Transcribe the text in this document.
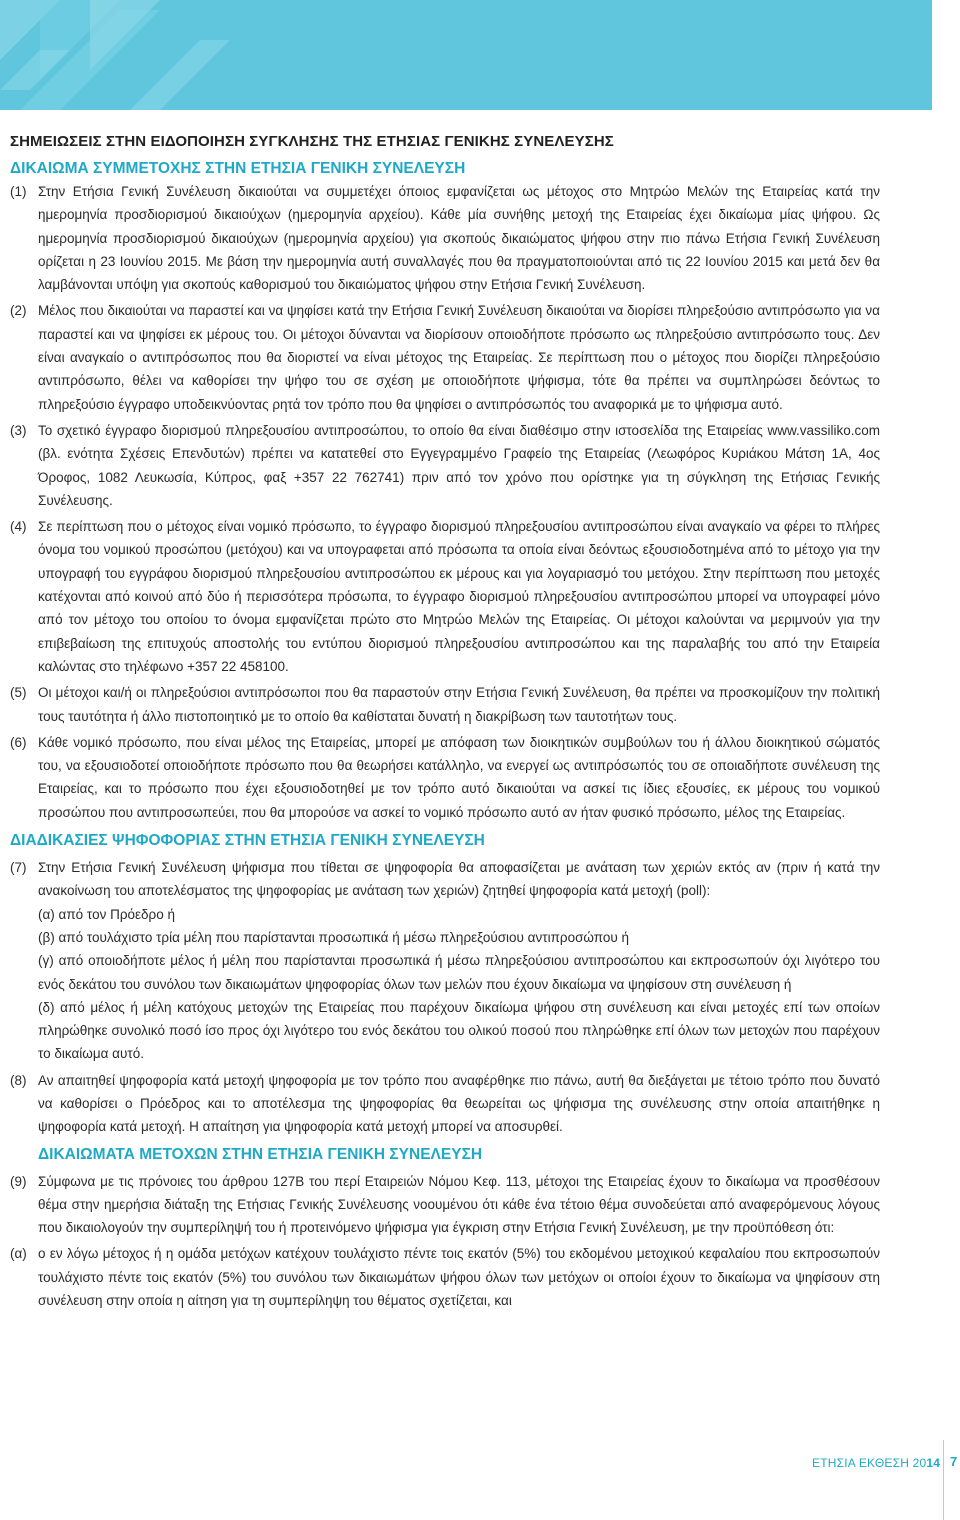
ΣΗΜΕΙΩΣΕΙΣ ΣΤΗΝ ΕΙΔΟΠΟΙΗΣΗ ΣΥΓΚΛΗΣΗΣ ΤΗΣ ΕΤΗΣΙΑΣ ΓΕΝΙΚΗΣ ΣΥΝΕΛΕΥΣΗΣ
ΔΙΚΑΙΩΜΑ ΣΥΜΜΕΤΟΧΗΣ ΣΤΗΝ ΕΤΗΣΙΑ ΓΕΝΙΚΗ ΣΥΝΕΛΕΥΣΗ
(1) Στην Ετήσια Γενική Συνέλευση δικαιούται να συμμετέχει όποιος εμφανίζεται ως μέτοχος στο Μητρώο Μελών της Εταιρείας κατά την ημερομηνία προσδιορισμού δικαιούχων (ημερομηνία αρχείου). Κάθε μία συνήθης μετοχή της Εταιρείας έχει δικαίωμα μίας ψήφου. Ως ημερομηνία προσδιορισμού δικαιούχων (ημερομηνία αρχείου) για σκοπούς δικαιώματος ψήφου στην πιο πάνω Ετήσια Γενική Συνέλευση ορίζεται η 23 Ιουνίου 2015. Με βάση την ημερομηνία αυτή συναλλαγές που θα πραγματοποιούνται από τις 22 Ιουνίου 2015 και μετά δεν θα λαμβάνονται υπόψη για σκοπούς καθορισμού του δικαιώματος ψήφου στην Ετήσια Γενική Συνέλευση.
(2) Μέλος που δικαιούται να παραστεί και να ψηφίσει κατά την Ετήσια Γενική Συνέλευση δικαιούται να διορίσει πληρεξούσιο αντιπρόσωπο για να παραστεί και να ψηφίσει εκ μέρους του. Οι μέτοχοι δύνανται να διορίσουν οποιοδήποτε πρόσωπο ως πληρεξούσιο αντιπρόσωπο τους. Δεν είναι αναγκαίο ο αντιπρόσωπος που θα διοριστεί να είναι μέτοχος της Εταιρείας. Σε περίπτωση που ο μέτοχος που διορίζει πληρεξούσιο αντιπρόσωπο, θέλει να καθορίσει την ψήφο του σε σχέση με οποιοδήποτε ψήφισμα, τότε θα πρέπει να συμπληρώσει δεόντως το πληρεξούσιο έγγραφο υποδεικνύοντας ρητά τον τρόπο που θα ψηφίσει ο αντιπρόσωπός του αναφορικά με το ψήφισμα αυτό.
(3) Το σχετικό έγγραφο διορισμού πληρεξουσίου αντιπροσώπου, το οποίο θα είναι διαθέσιμο στην ιστοσελίδα της Εταιρείας www.vassiliko.com (βλ. ενότητα Σχέσεις Επενδυτών) πρέπει να κατατεθεί στο Εγγεγραμμένο Γραφείο της Εταιρείας (Λεωφόρος Κυριάκου Μάτση 1Α, 4ος Όροφος, 1082 Λευκωσία, Κύπρος, φαξ +357 22 762741) πριν από τον χρόνο που ορίστηκε για τη σύγκληση της Ετήσιας Γενικής Συνέλευσης.
(4) Σε περίπτωση που ο μέτοχος είναι νομικό πρόσωπο, το έγγραφο διορισμού πληρεξουσίου αντιπροσώπου είναι αναγκαίο να φέρει το πλήρες όνομα του νομικού προσώπου (μετόχου) και να υπογραφεται από πρόσωπα τα οποία είναι δεόντως εξουσιοδοτημένα από το μέτοχο για την υπογραφή του εγγράφου διορισμού πληρεξουσίου αντιπροσώπου εκ μέρους και για λογαριασμό του μετόχου. Στην περίπτωση που μετοχές κατέχονται από κοινού από δύο ή περισσότερα πρόσωπα, το έγγραφο διορισμού πληρεξουσίου αντιπροσώπου μπορεί να υπογραφεί μόνο από τον μέτοχο του οποίου το όνομα εμφανίζεται πρώτο στο Μητρώο Μελών της Εταιρείας. Οι μέτοχοι καλούνται να μεριμνούν για την επιβεβαίωση της επιτυχούς αποστολής του εντύπου διορισμού πληρεξουσίου αντιπροσώπου και της παραλαβής του από την Εταιρεία καλώντας στο τηλέφωνο +357 22 458100.
(5) Οι μέτοχοι και/ή οι πληρεξούσιοι αντιπρόσωποι που θα παραστούν στην Ετήσια Γενική Συνέλευση, θα πρέπει να προσκομίζουν την πολιτική τους ταυτότητα ή άλλο πιστοποιητικό με το οποίο θα καθίσταται δυνατή η διακρίβωση των ταυτοτήτων τους.
(6) Κάθε νομικό πρόσωπο, που είναι μέλος της Εταιρείας, μπορεί με απόφαση των διοικητικών συμβούλων του ή άλλου διοικητικού σώματός του, να εξουσιοδοτεί οποιοδήποτε πρόσωπο που θα θεωρήσει κατάλληλο, να ενεργεί ως αντιπρόσωπός του σε οποιαδήποτε συνέλευση της Εταιρείας, και το πρόσωπο που έχει εξουσιοδοτηθεί με τον τρόπο αυτό δικαιούται να ασκεί τις ίδιες εξουσίες, εκ μέρους του νομικού προσώπου που αντιπροσωπεύει, που θα μπορούσε να ασκεί το νομικό πρόσωπο αυτό αν ήταν φυσικό πρόσωπο, μέλος της Εταιρείας.
ΔΙΑΔΙΚΑΣΙΕΣ ΨΗΦΟΦΟΡΙΑΣ ΣΤΗΝ ΕΤΗΣΙΑ ΓΕΝΙΚΗ ΣΥΝΕΛΕΥΣΗ
(7) Στην Ετήσια Γενική Συνέλευση ψήφισμα που τίθεται σε ψηφοφορία θα αποφασίζεται με ανάταση των χεριών εκτός αν (πριν ή κατά την ανακοίνωση του αποτελέσματος της ψηφοφορίας με ανάταση των χεριών) ζητηθεί ψηφοφορία κατά μετοχή (poll):
(α) από τον Πρόεδρο ή
(β) από τουλάχιστο τρία μέλη που παρίστανται προσωπικά ή μέσω πληρεξούσιου αντιπροσώπου ή
(γ) από οποιοδήποτε μέλος ή μέλη που παρίστανται προσωπικά ή μέσω πληρεξούσιου αντιπροσώπου και εκπροσωπούν όχι λιγότερο του ενός δεκάτου του συνόλου των δικαιωμάτων ψηφοφορίας όλων των μελών που έχουν δικαίωμα να ψηφίσουν στη συνέλευση ή
(δ) από μέλος ή μέλη κατόχους μετοχών της Εταιρείας που παρέχουν δικαίωμα ψήφου στη συνέλευση και είναι μετοχές επί των οποίων πληρώθηκε συνολικό ποσό ίσο προς όχι λιγότερο του ενός δεκάτου του ολικού ποσού που πληρώθηκε επί όλων των μετοχών που παρέχουν το δικαίωμα αυτό.
(8) Αν απαιτηθεί ψηφοφορία κατά μετοχή ψηφοφορία με τον τρόπο που αναφέρθηκε πιο πάνω, αυτή θα διεξάγεται με τέτοιο τρόπο που δυνατό να καθορίσει ο Πρόεδρος και το αποτέλεσμα της ψηφοφορίας θα θεωρείται ως ψήφισμα της συνέλευσης στην οποία απαιτήθηκε η ψηφοφορία κατά μετοχή. Η απαίτηση για ψηφοφορία κατά μετοχή μπορεί να αποσυρθεί.
ΔΙΚΑΙΩΜΑΤΑ ΜΕΤΟΧΩΝ ΣΤΗΝ ΕΤΗΣΙΑ ΓΕΝΙΚΗ ΣΥΝΕΛΕΥΣΗ
(9) Σύμφωνα με τις πρόνοιες του άρθρου 127Β του περί Εταιρειών Νόμου Κεφ. 113, μέτοχοι της Εταιρείας έχουν το δικαίωμα να προσθέσουν θέμα στην ημερήσια διάταξη της Ετήσιας Γενικής Συνέλευσης νοουμένου ότι κάθε ένα τέτοιο θέμα συνοδεύεται από αναφερόμενους λόγους που δικαιολογούν την συμπερίληψή του ή προτεινόμενο ψήφισμα για έγκριση στην Ετήσια Γενική Συνέλευση, με την προϋπόθεση ότι:
(α) ο εν λόγω μέτοχος ή η ομάδα μετόχων κατέχουν τουλάχιστο πέντε τοις εκατόν (5%) του εκδομένου μετοχικού κεφαλαίου που εκπροσωπούν τουλάχιστο πέντε τοις εκατόν (5%) του συνόλου των δικαιωμάτων ψήφου όλων των μετόχων οι οποίοι έχουν το δικαίωμα να ψηφίσουν στη συνέλευση στην οποία η αίτηση για τη συμπερίληψη του θέματος σχετίζεται, και
ΕΤΗΣΙΑ ΕΚΘΕΣΗ 2014 7
